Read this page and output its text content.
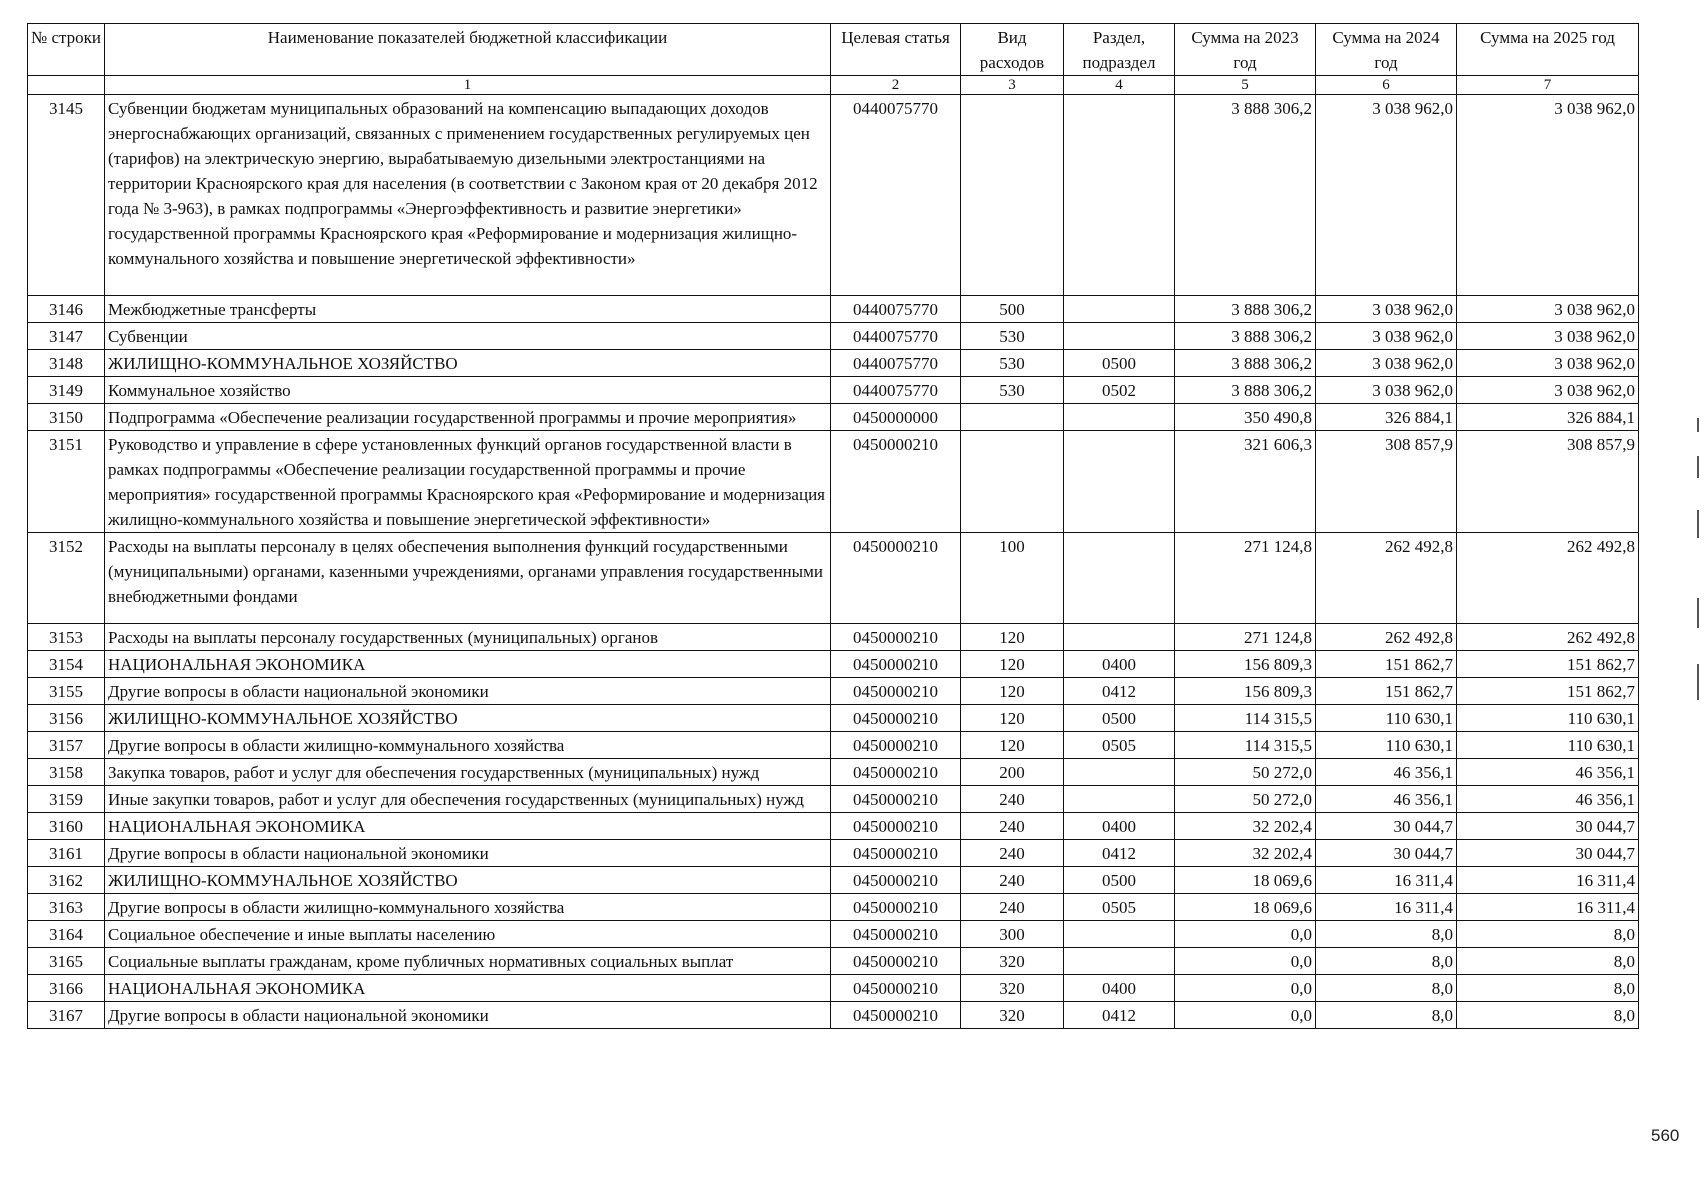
№ строки	Наименование показателей бюджетной классификации	Целевая статья	Вид расходов	Раздел, подраздел	Сумма на 2023 год	Сумма на 2024 год	Сумма на 2025 год
	1	2	3	4	5	6	7
3145	Субвенции бюджетам муниципальных образований на компенсацию выпадающих доходов энергоснабжающих организаций, связанных с применением государственных регулируемых цен (тарифов) на электрическую энергию, вырабатываемую дизельными электростанциями на территории Красноярского края для населения (в соответствии с Законом края от 20 декабря 2012 года № 3-963), в рамках подпрограммы «Энергоэффективность и развитие энергетики» государственной программы Красноярского края «Реформирование и модернизация жилищно-коммунального хозяйства и повышение энергетической эффективности»	0440075770			3 888 306,2	3 038 962,0	3 038 962,0
3146	Межбюджетные трансферты	0440075770	500		3 888 306,2	3 038 962,0	3 038 962,0
3147	Субвенции	0440075770	530		3 888 306,2	3 038 962,0	3 038 962,0
3148	ЖИЛИЩНО-КОММУНАЛЬНОЕ ХОЗЯЙСТВО	0440075770	530	0500	3 888 306,2	3 038 962,0	3 038 962,0
3149	Коммунальное хозяйство	0440075770	530	0502	3 888 306,2	3 038 962,0	3 038 962,0
3150	Подпрограмма «Обеспечение реализации государственной программы и прочие мероприятия»	0450000000			350 490,8	326 884,1	326 884,1
3151	Руководство и управление в сфере установленных функций органов государственной власти в рамках подпрограммы «Обеспечение реализации государственной программы и прочие мероприятия» государственной программы Красноярского края «Реформирование и модернизация жилищно-коммунального хозяйства и повышение энергетической эффективности»	0450000210			321 606,3	308 857,9	308 857,9
3152	Расходы на выплаты персоналу в целях обеспечения выполнения функций государственными (муниципальными) органами, казенными учреждениями, органами управления государственными внебюджетными фондами	0450000210	100		271 124,8	262 492,8	262 492,8
3153	Расходы на выплаты персоналу государственных (муниципальных) органов	0450000210	120		271 124,8	262 492,8	262 492,8
3154	НАЦИОНАЛЬНАЯ ЭКОНОМИКА	0450000210	120	0400	156 809,3	151 862,7	151 862,7
3155	Другие вопросы в области национальной экономики	0450000210	120	0412	156 809,3	151 862,7	151 862,7
3156	ЖИЛИЩНО-КОММУНАЛЬНОЕ ХОЗЯЙСТВО	0450000210	120	0500	114 315,5	110 630,1	110 630,1
3157	Другие вопросы в области жилищно-коммунального хозяйства	0450000210	120	0505	114 315,5	110 630,1	110 630,1
3158	Закупка товаров, работ и услуг для обеспечения государственных (муниципальных) нужд	0450000210	200		50 272,0	46 356,1	46 356,1
3159	Иные закупки товаров, работ и услуг для обеспечения государственных (муниципальных) нужд	0450000210	240		50 272,0	46 356,1	46 356,1
3160	НАЦИОНАЛЬНАЯ ЭКОНОМИКА	0450000210	240	0400	32 202,4	30 044,7	30 044,7
3161	Другие вопросы в области национальной экономики	0450000210	240	0412	32 202,4	30 044,7	30 044,7
3162	ЖИЛИЩНО-КОММУНАЛЬНОЕ ХОЗЯЙСТВО	0450000210	240	0500	18 069,6	16 311,4	16 311,4
3163	Другие вопросы в области жилищно-коммунального хозяйства	0450000210	240	0505	18 069,6	16 311,4	16 311,4
3164	Социальное обеспечение и иные выплаты населению	0450000210	300		0,0	8,0	8,0
3165	Социальные выплаты гражданам, кроме публичных нормативных социальных выплат	0450000210	320		0,0	8,0	8,0
3166	НАЦИОНАЛЬНАЯ ЭКОНОМИКА	0450000210	320	0400	0,0	8,0	8,0
3167	Другие вопросы в области национальной экономики	0450000210	320	0412	0,0	8,0	8,0
560
